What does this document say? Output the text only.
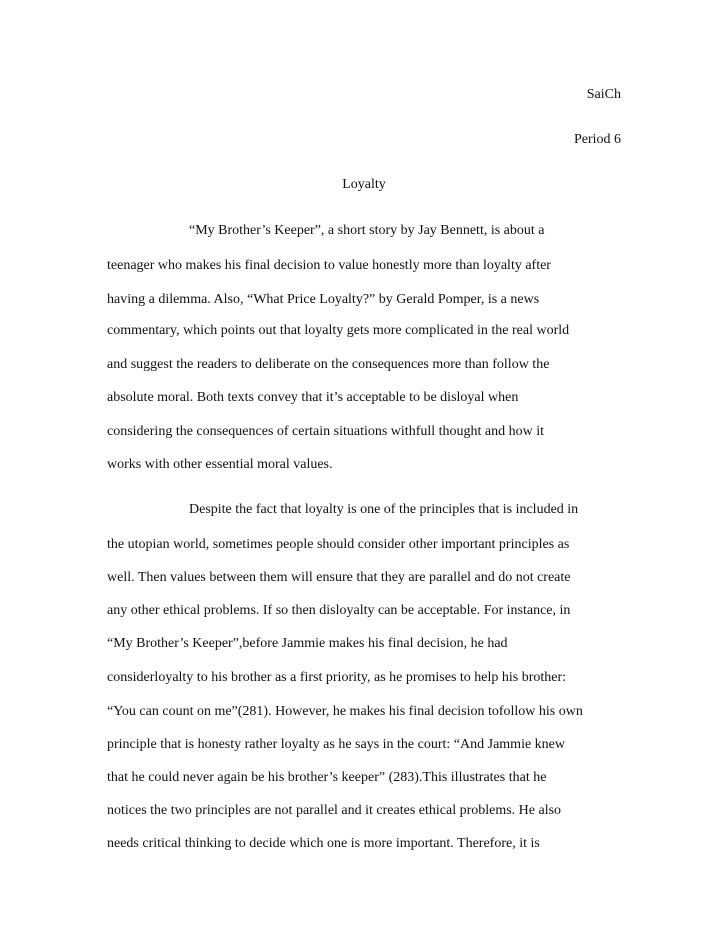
SaiCh
Period 6
Loyalty
“My Brother’s Keeper”, a short story by Jay Bennett, is about a
teenager who makes his final decision to value honestly more than loyalty after
having a dilemma. Also, “What Price Loyalty?” by Gerald Pomper, is a news
commentary, which points out that loyalty gets more complicated in the real world
and suggest the readers to deliberate on the consequences more than follow the
absolute moral. Both texts convey that it’s acceptable to be disloyal when
considering the consequences of certain situations withfull thought and how it
works with other essential moral values.
Despite the fact that loyalty is one of the principles that is included in
the utopian world, sometimes people should consider other important principles as
well. Then values between them will ensure that they are parallel and do not create
any other ethical problems. If so then disloyalty can be acceptable. For instance, in
“My Brother’s Keeper”,before Jammie makes his final decision, he had
considerloyalty to his brother as a first priority, as he promises to help his brother:
“You can count on me”(281). However, he makes his final decision tofollow his own
principle that is honesty rather loyalty as he says in the court: “And Jammie knew
that he could never again be his brother’s keeper” (283).This illustrates that he
notices the two principles are not parallel and it creates ethical problems. He also
needs critical thinking to decide which one is more important. Therefore, it is
